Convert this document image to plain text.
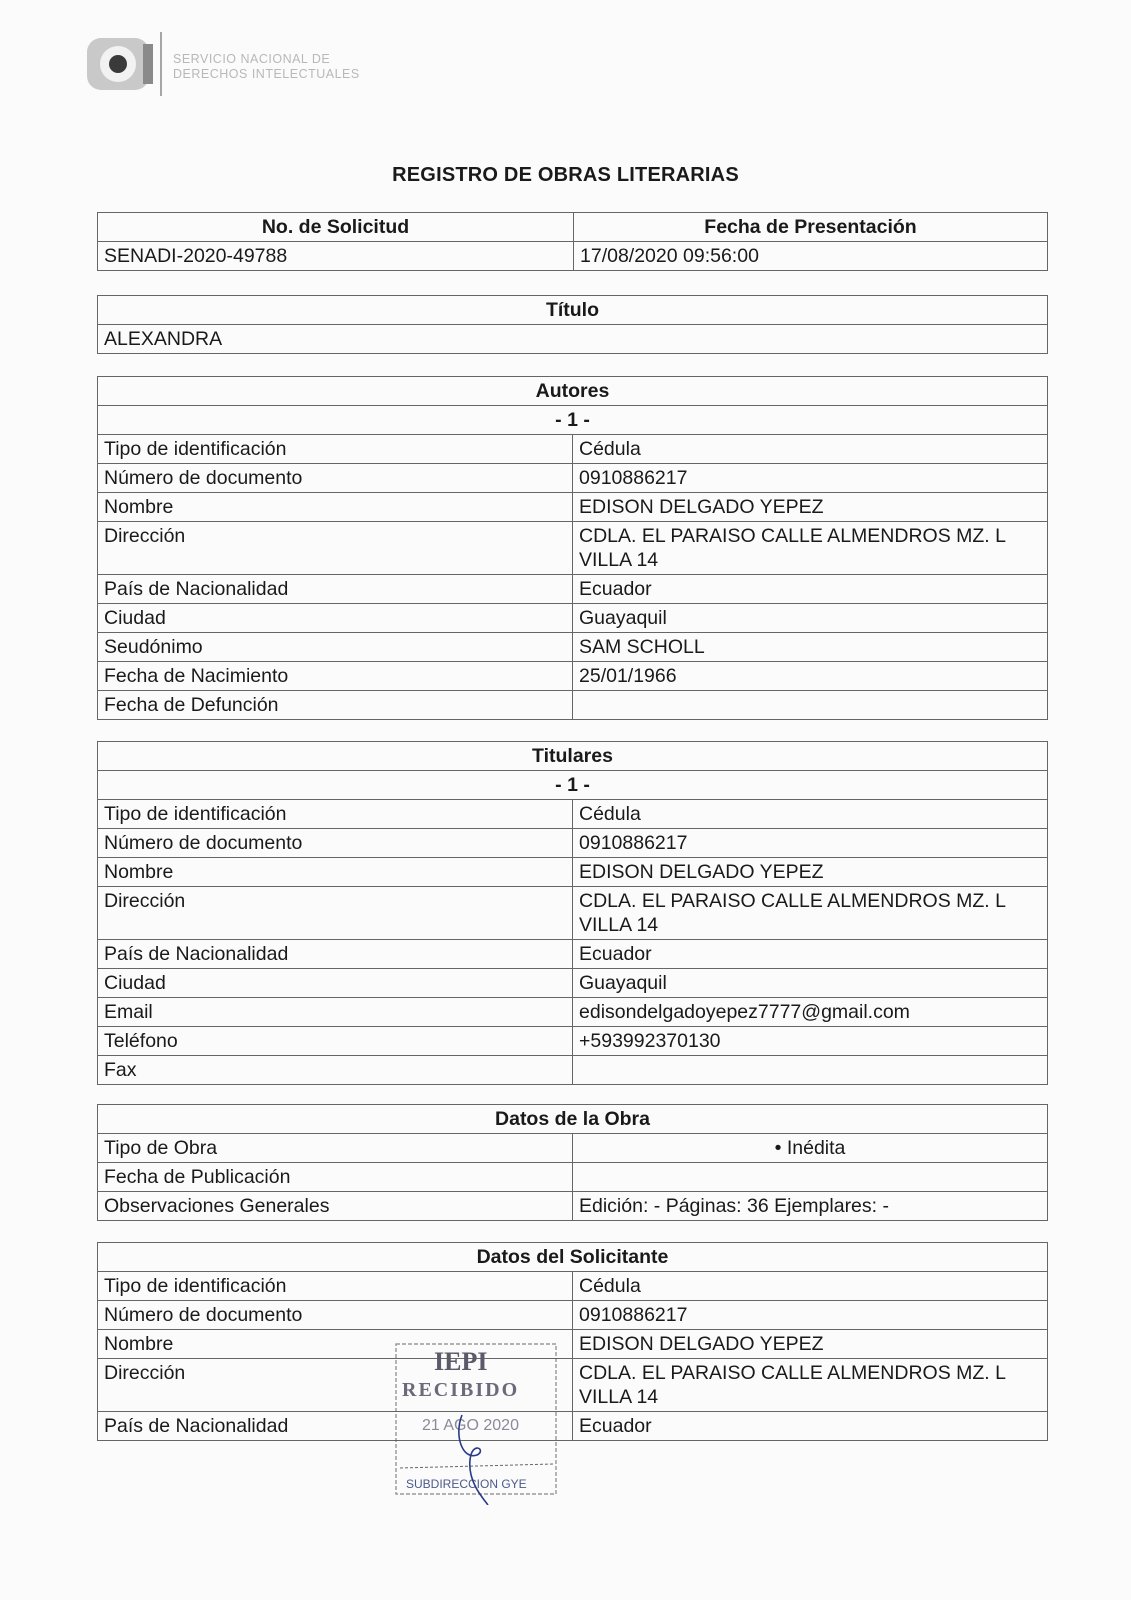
SERVICIO NACIONAL DE
DERECHOS INTELECTUALES
REGISTRO DE OBRAS LITERARIAS
No. de Solicitud	Fecha de Presentación
SENADI-2020-49788	17/08/2020 09:56:00
Título
ALEXANDRA
Autores	
- 1 -	
Tipo de identificación	Cédula
Número de documento	0910886217
Nombre	EDISON DELGADO YEPEZ
Dirección	CDLA. EL PARAISO CALLE ALMENDROS MZ. L VILLA 14
País de Nacionalidad	Ecuador
Ciudad	Guayaquil
Seudónimo	SAM SCHOLL
Fecha de Nacimiento	25/01/1966
Fecha de Defunción	
Titulares	
- 1 -	
Tipo de identificación	Cédula
Número de documento	0910886217
Nombre	EDISON DELGADO YEPEZ
Dirección	CDLA. EL PARAISO CALLE ALMENDROS MZ. L VILLA 14
País de Nacionalidad	Ecuador
Ciudad	Guayaquil
Email	edisondelgadoyepez7777@gmail.com
Teléfono	+593992370130
Fax	
Datos de la Obra	
Tipo de Obra	• Inédita
Fecha de Publicación	
Observaciones Generales	Edición: - Páginas: 36 Ejemplares: -
Datos del Solicitante	
Tipo de identificación	Cédula
Número de documento	0910886217
Nombre	EDISON DELGADO YEPEZ
Dirección	CDLA. EL PARAISO CALLE ALMENDROS MZ. L VILLA 14
País de Nacionalidad	Ecuador
IEPI
RECIBIDO
21 AGO 2020
SUBDIRECCION GYE
